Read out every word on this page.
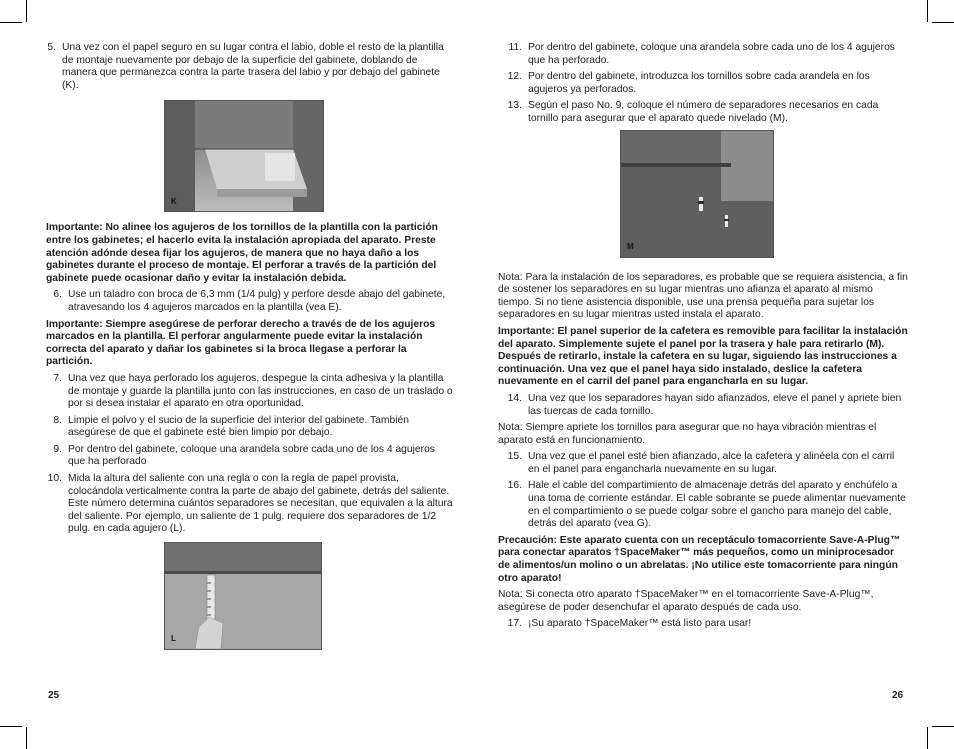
5. Una vez con el papel seguro en su lugar contra el labio, doble el resto de la plantilla de montaje nuevamente por debajo de la superficie del gabinete, doblando de manera que permanezca contra la parte trasera del labio y por debajo del gabinete (K).
K

Importante: No alinee los agujeros de los tornillos de la plantilla con la partición entre los gabinetes; el hacerlo evita la instalación apropiada del aparato. Preste atención adónde desea fijar los agujeros, de manera que no haya daño a los gabinetes durante el proceso de montaje. El perforar a través de la partición del gabinete puede ocasionar daño y evitar la instalación debida.

6. Use un taladro con broca de 6,3 mm (1/4 pulg) y perfore desde abajo del gabinete, atravesando los 4 agujeros marcados en la plantilla (vea E).

Importante: Siempre asegúrese de perforar derecho a través de de los agujeros marcados en la plantilla. El perforar angularmente puede evitar la instalación correcta del aparato y dañar los gabinetes si la broca llegase a perforar la partición.

7. Una vez que haya perforado los agujeros, despegue la cinta adhesiva y la plantilla de montaje y guarde la plantilla junto con las instrucciones, en caso de un traslado o por si desea instalar el aparato en otra oportunidad.
8. Limpie el polvo y el sucio de la superficie del interior del gabinete. También asegúrese de que el gabinete esté bien limpio por debajo.
9. Por dentro del gabinete, coloque una arandela sobre cada uno de los 4 agujeros que ha perforado
10. Mida la altura del saliente con una regla o con la regla de papel provista, colocándola verticalmente contra la parte de abajo del gabinete, detrás del saliente. Este número determina cuántos separadores se necesitan, que equivalen a la altura del saliente. Por ejemplo, un saliente de 1 pulg. requiere dos separadores de 1/2 pulg. en cada agujero (L).
L
25
11. Por dentro del gabinete, coloque una arandela sobre cada uno de los 4 agujeros que ha perforado.
12. Por dentro del gabinete, introduzca los tornillos sobre cada arandela en los agujeros ya perforados.
13. Según el paso No. 9, coloque el número de separadores necesarios en cada tornillo para asegurar que el aparato quede nivelado (M).
M

Nota: Para la instalación de los separadores, es probable que se requiera asistencia, a fin de sostener los separadores en su lugar mientras uno afianza el aparato al mismo tiempo. Si no tiene asistencia disponible, use una prensa pequeña para sujetar los separadores en su lugar mientras usted instala el aparato.

Importante: El panel superior de la cafetera es removible para facilitar la instalación del aparato. Simplemente sujete el panel por la trasera y hale para retirarlo (M). Después de retirarlo, instale la cafetera en su lugar, siguiendo las instrucciones a continuación. Una vez que el panel haya sido instalado, deslice la cafetera nuevamente en el carril del panel para engancharla en su lugar.

14. Una vez que los separadores hayan sido afianzados, eleve el panel y apriete bien las tuercas de cada tornillo.

Nota: Siempre apriete los tornillos para asegurar que no haya vibración mientras el aparato está en funcionamiento.

15. Una vez que el panel esté bien afianzado, alce la cafetera y alinéela con el carril en el panel para engancharla nuevamente en su lugar.
16. Hale el cable del compartimiento de almacenaje detrás del aparato y enchúfelo a una toma de corriente estándar. El cable sobrante se puede alimentar nuevamente en el compartimiento o se puede colgar sobre el gancho para manejo del cable, detrás del aparato (vea G).

Precaución: Este aparato cuenta con un receptáculo tomacorriente Save-A-Plug™ para conectar aparatos †SpaceMaker™ más pequeños, como un miniprocesador de alimentos/un molino o un abrelatas. ¡No utilice este tomacorriente para ningún otro aparato!

Nota: Si conecta otro aparato †SpaceMaker™ en el tomacorriente Save-A-Plug™, asegúrese de poder desenchufar el aparato después de cada uso.

17. ¡Su aparato †SpaceMaker™ está listo para usar!
26
